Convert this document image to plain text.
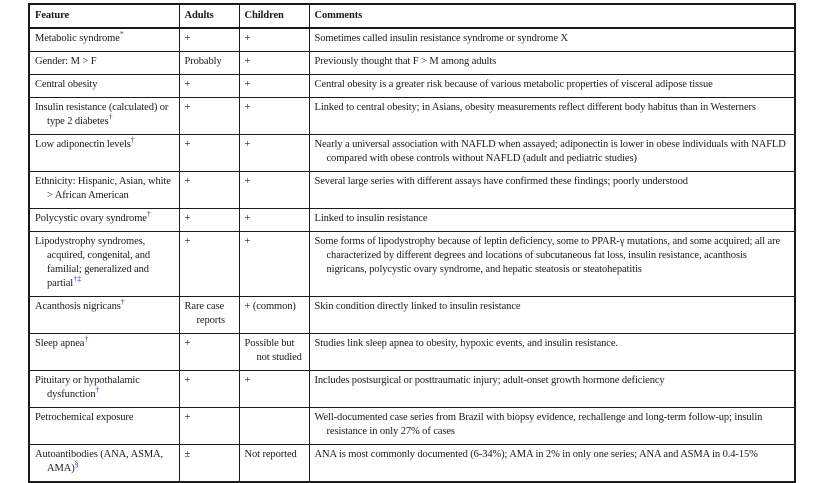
Feature	Adults	Children	Comments
Metabolic syndrome*	+	+	Sometimes called insulin resistance syndrome or syndrome X
Gender: M > F	Probably	+	Previously thought that F > M among adults
Central obesity	+	+	Central obesity is a greater risk because of various metabolic properties of visceral adipose tissue
Insulin resistance (calculated) or type 2 diabetes†	+	+	Linked to central obesity; in Asians, obesity measurements reflect different body habitus than in Westerners
Low adiponectin levels†	+	+	Nearly a universal association with NAFLD when assayed; adiponectin is lower in obese individuals with NAFLD compared with obese controls without NAFLD (adult and pediatric studies)
Ethnicity: Hispanic, Asian, white > African American	+	+	Several large series with different assays have confirmed these findings; poorly understood
Polycystic ovary syndrome†	+	+	Linked to insulin resistance
Lipodystrophy syndromes, acquired, congenital, and familial; generalized and partial†‡	+	+	Some forms of lipodystrophy because of leptin deficiency, some to PPAR-γ mutations, and some acquired; all are characterized by different degrees and locations of subcutaneous fat loss, insulin resistance, acanthosis nigricans, polycystic ovary syndrome, and hepatic steatosis or steatohepatitis
Acanthosis nigricans†	Rare case reports	+ (common)	Skin condition directly linked to insulin resistance
Sleep apnea†	+	Possible but not studied	Studies link sleep apnea to obesity, hypoxic events, and insulin resistance.
Pituitary or hypothalamic dysfunction†	+	+	Includes postsurgical or posttraumatic injury; adult-onset growth hormone deficiency
Petrochemical exposure	+		Well-documented case series from Brazil with biopsy evidence, rechallenge and long-term follow-up; insulin resistance in only 27% of cases
Autoantibodies (ANA, ASMA, AMA)§	±	Not reported	ANA is most commonly documented (6-34%); AMA in 2% in only one series; ANA and ASMA in 0.4-15%
